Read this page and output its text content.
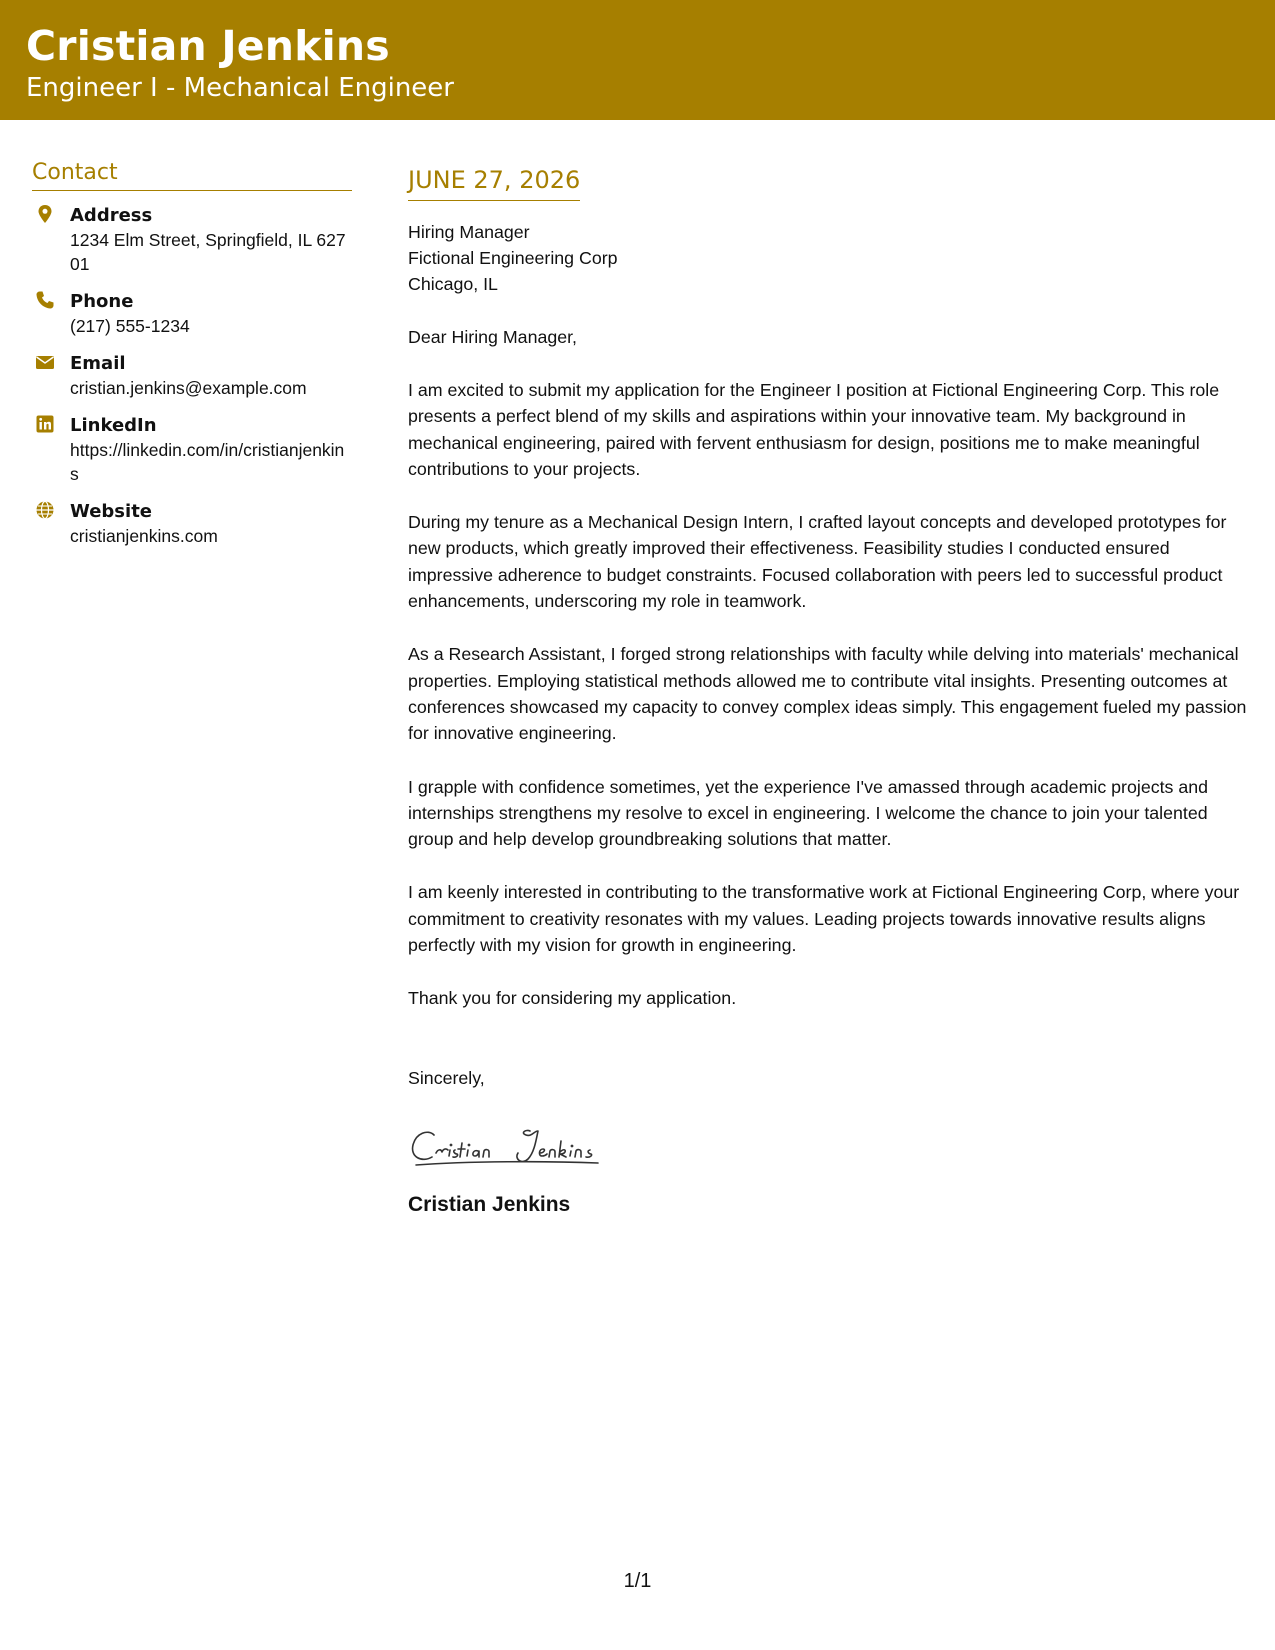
Cristian Jenkins
Engineer I - Mechanical Engineer
Contact
Address
1234 Elm Street, Springfield, IL 62701
Phone
(217) 555-1234
Email
cristian.jenkins@example.com
LinkedIn
https://linkedin.com/in/cristianjenkins
Website
cristianjenkins.com
JUNE 27, 2026
Hiring Manager
Fictional Engineering Corp
Chicago, IL
Dear Hiring Manager,
I am excited to submit my application for the Engineer I position at Fictional Engineering Corp. This role presents a perfect blend of my skills and aspirations within your innovative team. My background in mechanical engineering, paired with fervent enthusiasm for design, positions me to make meaningful contributions to your projects.
During my tenure as a Mechanical Design Intern, I crafted layout concepts and developed prototypes for new products, which greatly improved their effectiveness. Feasibility studies I conducted ensured impressive adherence to budget constraints. Focused collaboration with peers led to successful product enhancements, underscoring my role in teamwork.
As a Research Assistant, I forged strong relationships with faculty while delving into materials' mechanical properties. Employing statistical methods allowed me to contribute vital insights. Presenting outcomes at conferences showcased my capacity to convey complex ideas simply. This engagement fueled my passion for innovative engineering.
I grapple with confidence sometimes, yet the experience I've amassed through academic projects and internships strengthens my resolve to excel in engineering. I welcome the chance to join your talented group and help develop groundbreaking solutions that matter.
I am keenly interested in contributing to the transformative work at Fictional Engineering Corp, where your commitment to creativity resonates with my values. Leading projects towards innovative results aligns perfectly with my vision for growth in engineering.
Thank you for considering my application.
Sincerely,
Cristian Jenkins
1/1
